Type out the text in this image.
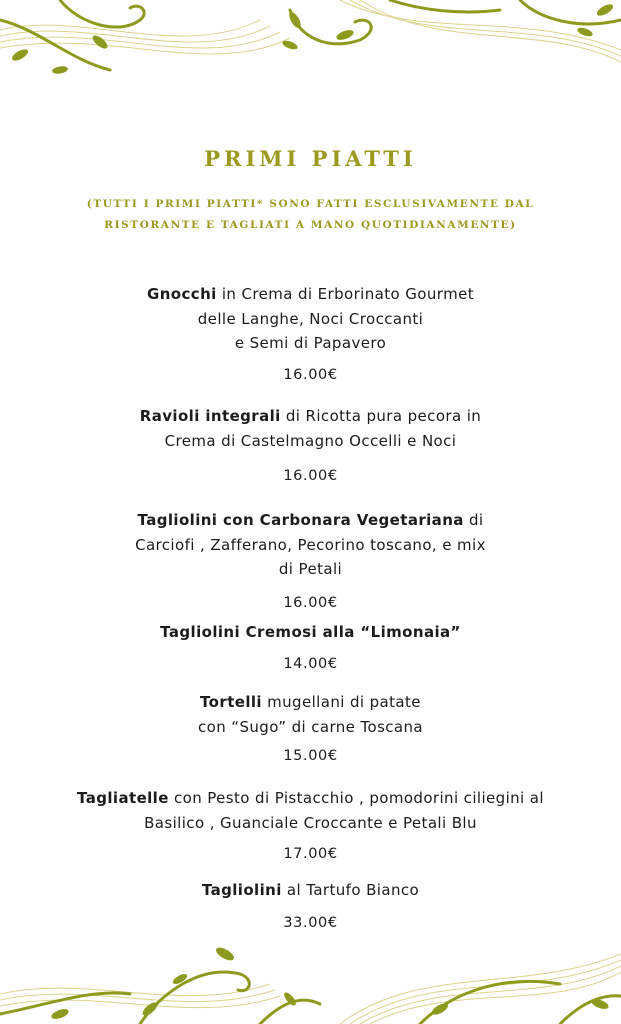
PRIMI PIATTI
(TUTTI I PRIMI PIATTI* SONO FATTI ESCLUSIVAMENTE DAL
RISTORANTE E TAGLIATI A MANO QUOTIDIANAMENTE)
Gnocchi in Crema di Erborinato Gourmet
delle Langhe, Noci Croccanti
e Semi di Papavero
16.00€
Ravioli integrali di Ricotta pura pecora in
Crema di Castelmagno Occelli e Noci
16.00€
Tagliolini con Carbonara Vegetariana di
Carciofi , Zafferano, Pecorino toscano, e mix
di Petali
16.00€
Tagliolini Cremosi alla “Limonaia”
14.00€
Tortelli mugellani di patate
con “Sugo” di carne Toscana
15.00€
Tagliatelle con Pesto di Pistacchio , pomodorini ciliegini al
Basilico , Guanciale Croccante e Petali Blu
17.00€
Tagliolini al Tartufo Bianco
33.00€
